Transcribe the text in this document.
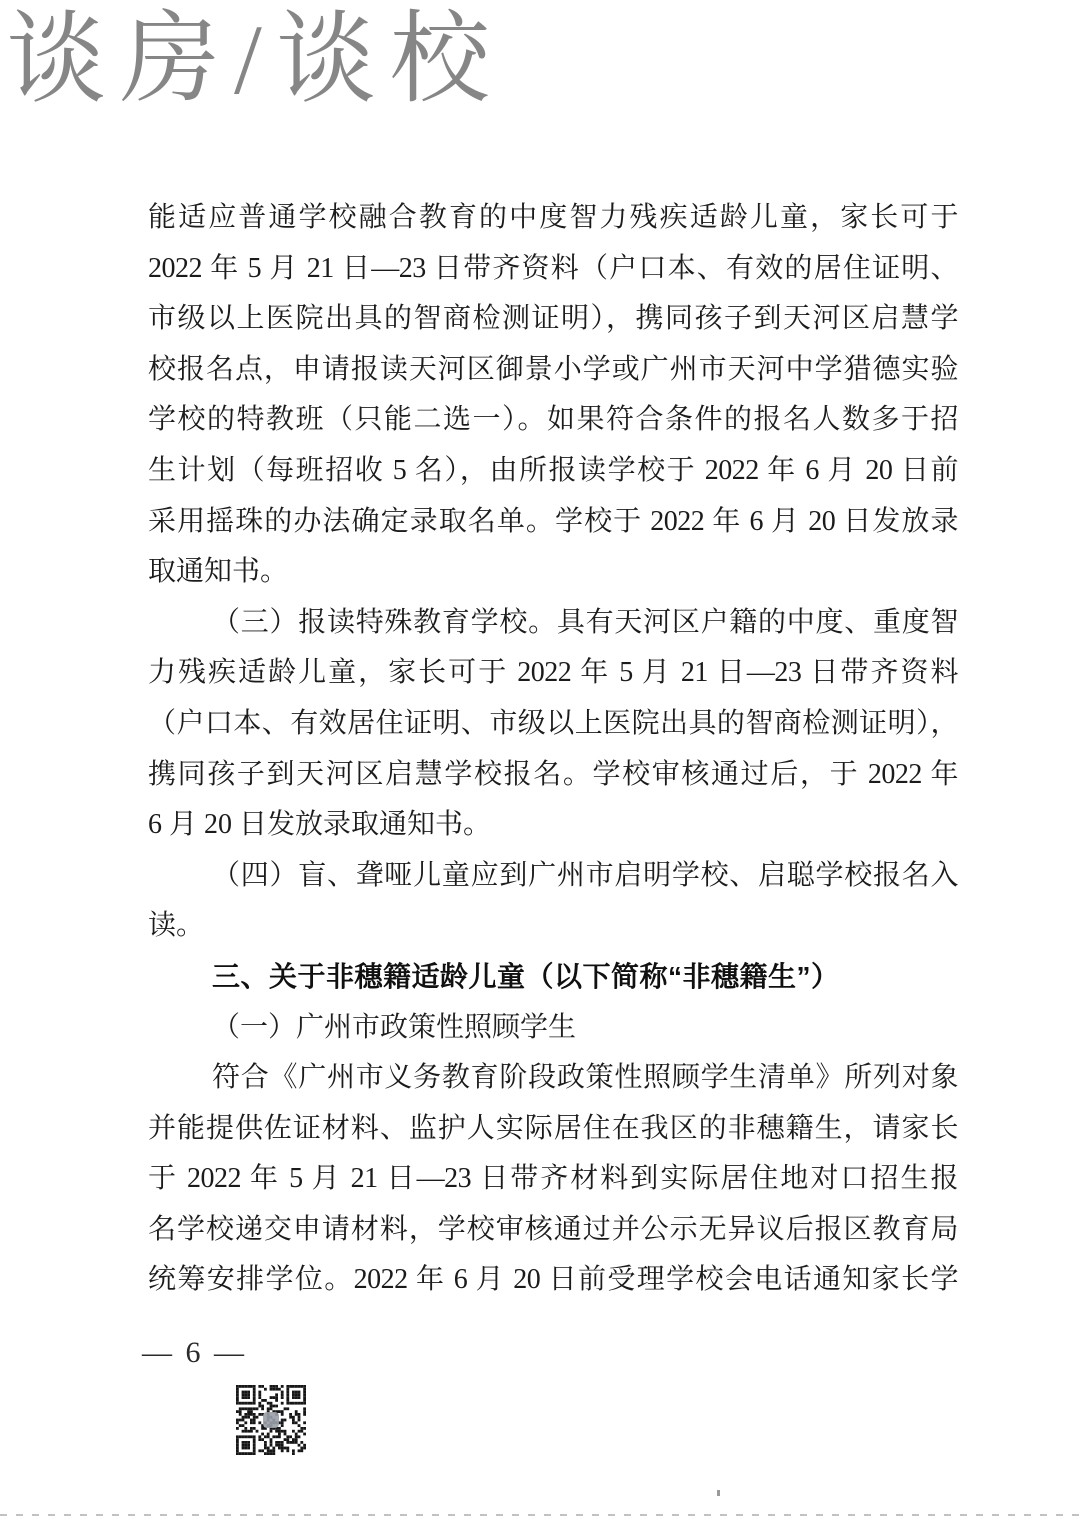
谈房/谈校
能适应普通学校融合教育的中度智力残疾适龄儿童，家长可于
2022 年 5 月 21 日—23 日带齐资料（户口本、有效的居住证明、
市级以上医院出具的智商检测证明），携同孩子到天河区启慧学
校报名点，申请报读天河区御景小学或广州市天河中学猎德实验
学校的特教班（只能二选一）。如果符合条件的报名人数多于招
生计划（每班招收 5 名），由所报读学校于 2022 年 6 月 20 日前
采用摇珠的办法确定录取名单。学校于 2022 年 6 月 20 日发放录
取通知书。
（三）报读特殊教育学校。具有天河区户籍的中度、重度智
力残疾适龄儿童，家长可于 2022 年 5 月 21 日—23 日带齐资料
（户口本、有效居住证明、市级以上医院出具的智商检测证明），
携同孩子到天河区启慧学校报名。学校审核通过后，于 2022 年
6 月 20 日发放录取通知书。
（四）盲、聋哑儿童应到广州市启明学校、启聪学校报名入
读。
三、关于非穗籍适龄儿童（以下简称“非穗籍生”）
（一）广州市政策性照顾学生
符合《广州市义务教育阶段政策性照顾学生清单》所列对象
并能提供佐证材料、监护人实际居住在我区的非穗籍生，请家长
于 2022 年 5 月 21 日—23 日带齐材料到实际居住地对口招生报
名学校递交申请材料，学校审核通过并公示无异议后报区教育局
统筹安排学位。2022 年 6 月 20 日前受理学校会电话通知家长学
— 6 —
